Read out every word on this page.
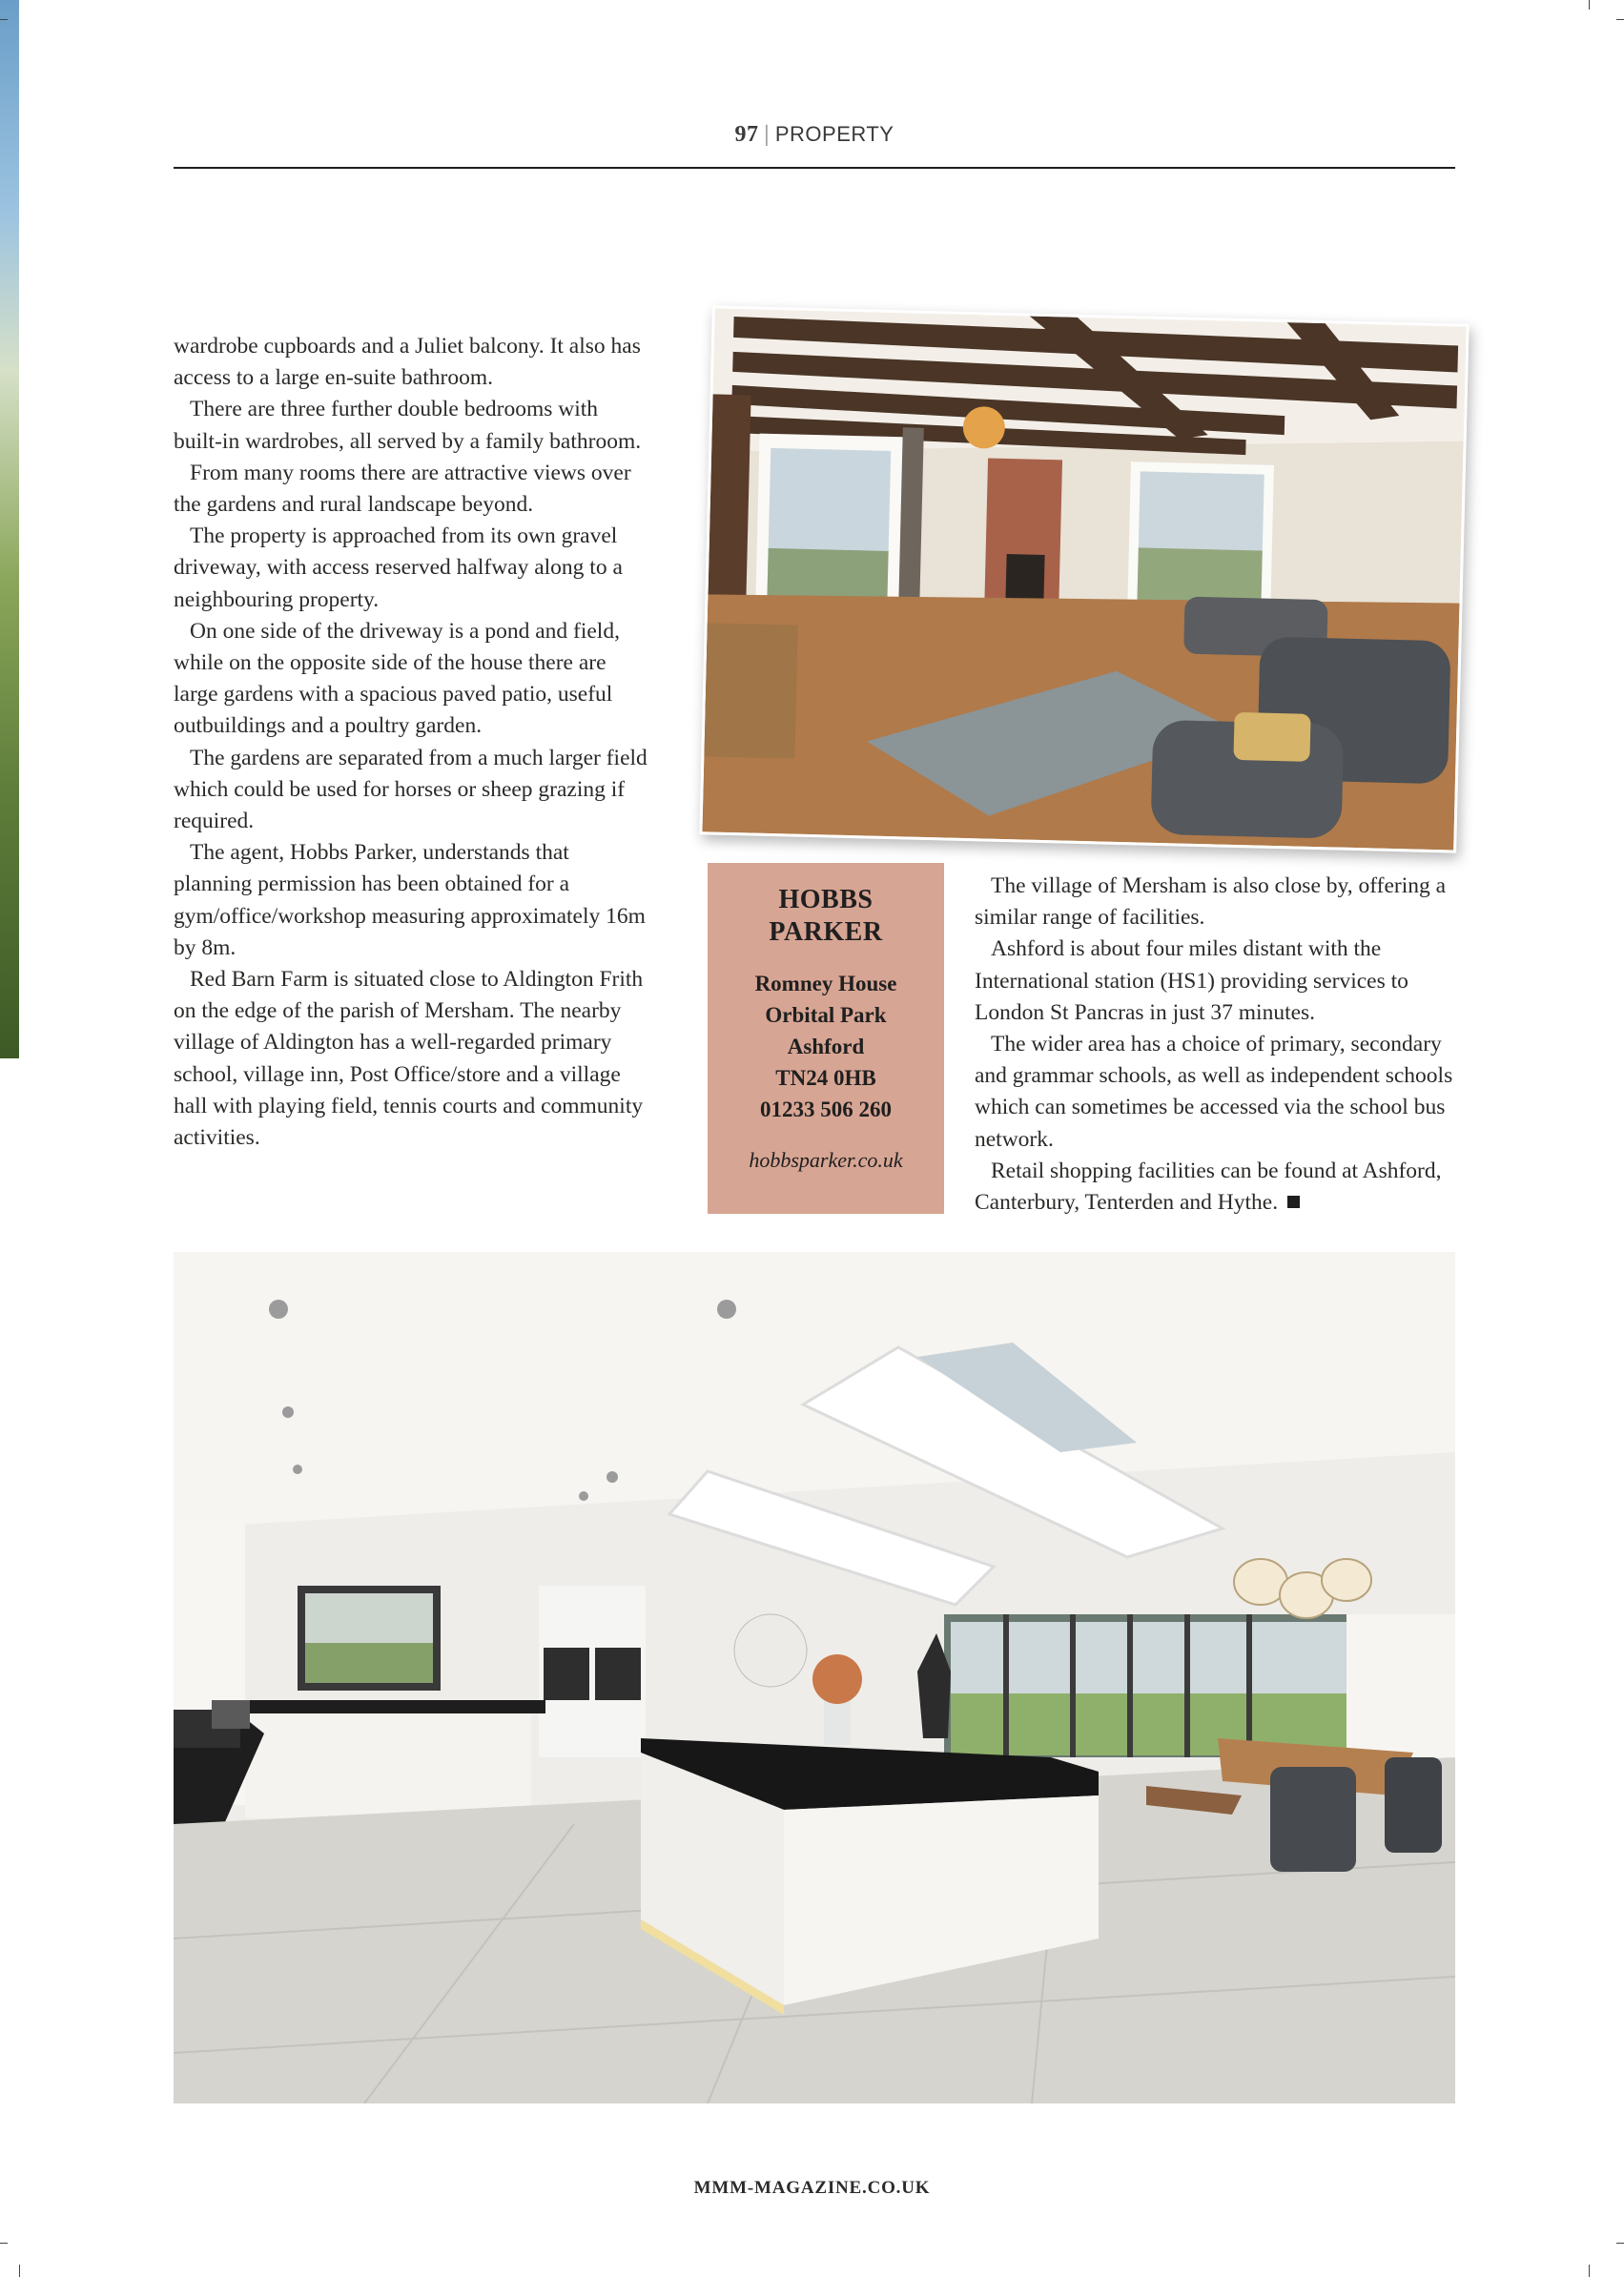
97 | PROPERTY

wardrobe cupboards and a Juliet balcony. It also has access to a large en-suite bathroom.

There are three further double bedrooms with built-in wardrobes, all served by a family bathroom.

From many rooms there are attractive views over the gardens and rural landscape beyond.

The property is approached from its own gravel driveway, with access reserved halfway along to a neighbouring property.

On one side of the driveway is a pond and field, while on the opposite side of the house there are large gardens with a spacious paved patio, useful outbuildings and a poultry garden.

The gardens are separated from a much larger field which could be used for horses or sheep grazing if required.

The agent, Hobbs Parker, understands that planning permission has been obtained for a gym/office/workshop measuring approximately 16m by 8m.

Red Barn Farm is situated close to Aldington Frith on the edge of the parish of Mersham. The nearby village of Aldington has a well-regarded primary school, village inn, Post Office/store and a village hall with playing field, tennis courts and community activities.

HOBBS
PARKER
Romney House
Orbital Park
Ashford
TN24 0HB
01233 506 260
hobbsparker.co.uk

The village of Mersham is also close by, offering a similar range of facilities.

Ashford is about four miles distant with the International station (HS1) providing services to London St Pancras in just 37 minutes.

The wider area has a choice of primary, secondary and grammar schools, as well as independent schools which can sometimes be accessed via the school bus network.

Retail shopping facilities can be found at Ashford, Canterbury, Tenterden and Hythe.

MMM-MAGAZINE.CO.UK
